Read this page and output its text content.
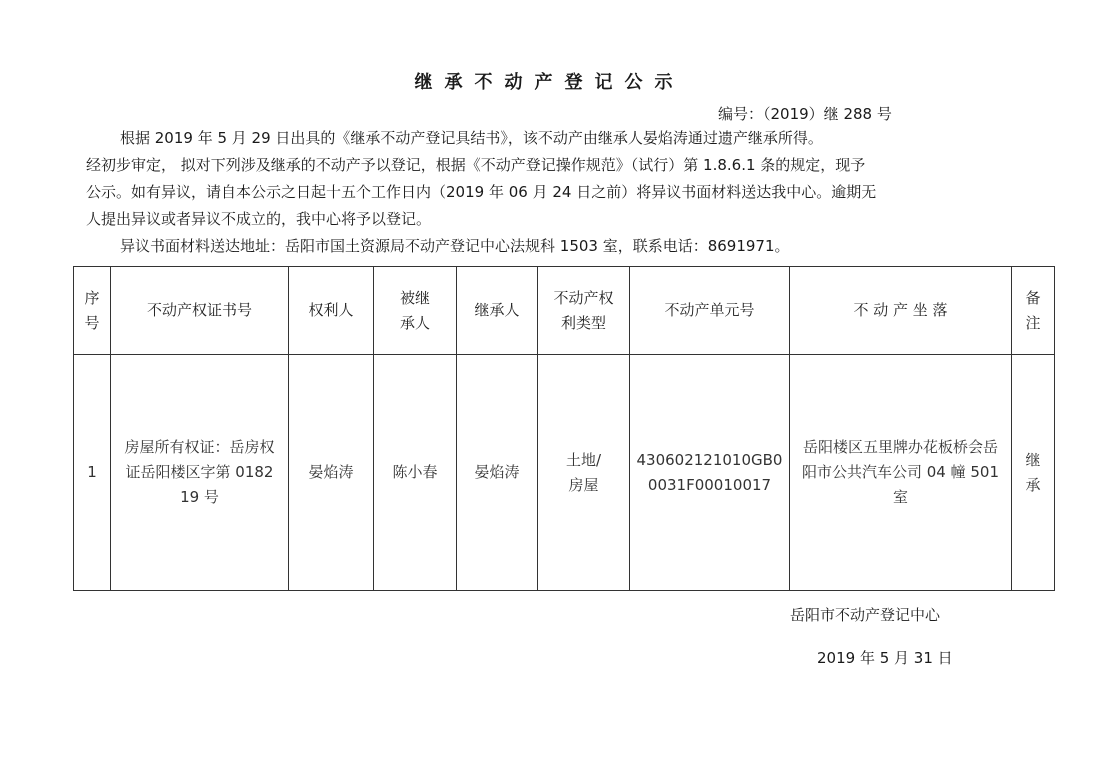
继承不动产登记公示
编号：（2019）继 288 号
根据 2019 年 5 月 29 日出具的《继承不动产登记具结书》，该不动产由继承人晏焰涛通过遗产继承所得。
经初步审定， 拟对下列涉及继承的不动产予以登记，根据《不动产登记操作规范》（试行）第 1.8.6.1 条的规定，现予
公示。如有异议，请自本公示之日起十五个工作日内（2019 年 06 月 24 日之前）将异议书面材料送达我中心。逾期无
人提出异议或者异议不成立的，我中心将予以登记。
异议书面材料送达地址：岳阳市国土资源局不动产登记中心法规科 1503 室，联系电话：8691971。
序号	不动产权证书号	权利人	被继承人	继承人	不动产权利类型	不动产单元号	不 动 产 坐 落	备注
1	房屋所有权证：岳房权证岳阳楼区字第 018219 号	晏焰涛	陈小春	晏焰涛	土地/房屋	430602121010GB00031F00010017	岳阳楼区五里牌办花板桥会岳阳市公共汽车公司 04 幢 501 室	继承
岳阳市不动产登记中心
2019 年 5 月 31 日
